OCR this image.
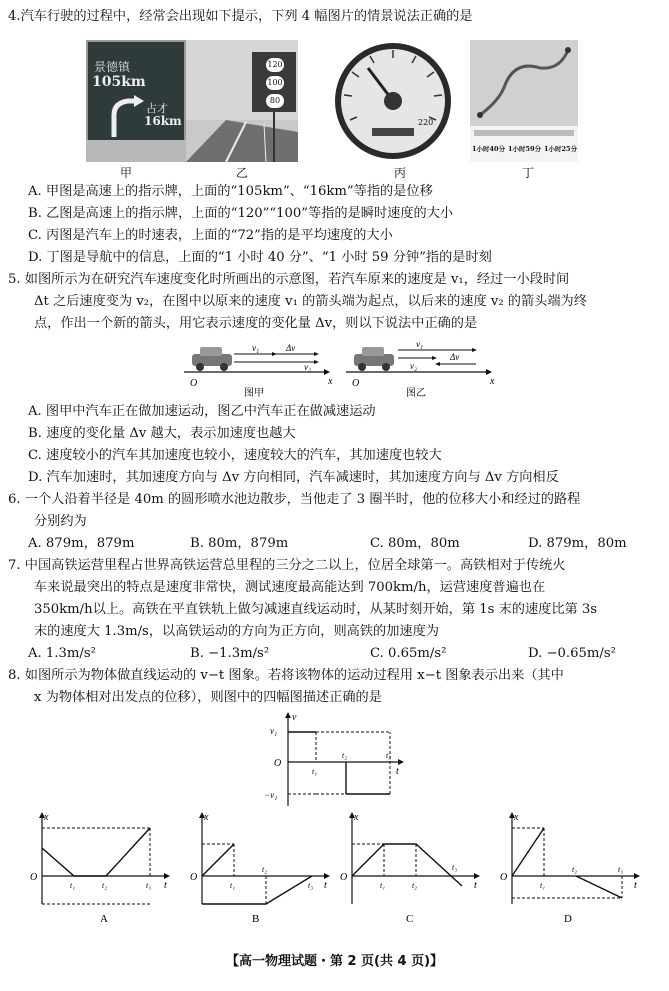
4.汽车行驶的过程中，经常会出现如下提示，下列 4 幅图片的情景说法正确的是
景德镇
105km
占才
16km
120
100
80
220
1小时40分 1小时59分 1小时25分
甲	乙	丙	丁
A. 甲图是高速上的指示牌，上面的“105km”、“16km”等指的是位移
B. 乙图是高速上的指示牌，上面的“120”“100”等指的是瞬时速度的大小
C. 丙图是汽车上的时速表，上面的“72”指的是平均速度的大小
D. 丁图是导航中的信息，上面的“1 小时 40 分”、“1 小时 59 分钟”指的是时刻
5. 如图所示为在研究汽车速度变化时所画出的示意图，若汽车原来的速度是 v₁，经过一小段时间
Δt 之后速度变为 v₂，在图中以原来的速度 v₁ 的箭头端为起点，以后来的速度 v₂ 的箭头端为终
点，作出一个新的箭头，用它表示速度的变化量 Δv，则以下说法中正确的是
v₁	Δv
v₂
O	x
图甲
v₁
v₂
Δv
O	x
图乙
A. 图甲中汽车正在做加速运动，图乙中汽车正在做减速运动
B. 速度的变化量 Δv 越大，表示加速度也越大
C. 速度较小的汽车其加速度也较小，速度较大的汽车，其加速度也较大
D. 汽车加速时，其加速度方向与 Δv 方向相同，汽车减速时，其加速度方向与 Δv 方向相反
6. 一个人沿着半径是 40m 的圆形喷水池边散步，当他走了 3 圈半时，他的位移大小和经过的路程
分别约为
A. 879m，879m	B. 80m，879m	C. 80m，80m	D. 879m，80m
7. 中国高铁运营里程占世界高铁运营总里程的三分之二以上，位居全球第一。高铁相对于传统火
车来说最突出的特点是速度非常快，测试速度最高能达到 700km/h，运营速度普遍也在
350km/h以上。高铁在平直铁轨上做匀减速直线运动时，从某时刻开始，第 1s 末的速度比第 3s
末的速度大 1.3m/s，以高铁运动的方向为正方向，则高铁的加速度为
A. 1.3m/s²	B. −1.3m/s²	C. 0.65m/s²	D. −0.65m/s²
8. 如图所示为物体做直线运动的 v−t 图象。若将该物体的运动过程用 x−t 图象表示出来（其中
x 为物体相对出发点的位移），则图中的四幅图描述正确的是
v
v₁
O
−v₁
t₁
t₂	t₃
t
x
O
t₁	t₂	t₃ t
A
x
O
t₁
t₂
t₃ t
B
x
O
t₁	t₂
t₃
t
C
x
O
t₁
t₂	t₃
t
D
【高一物理试题・第 2 页(共 4 页)】
